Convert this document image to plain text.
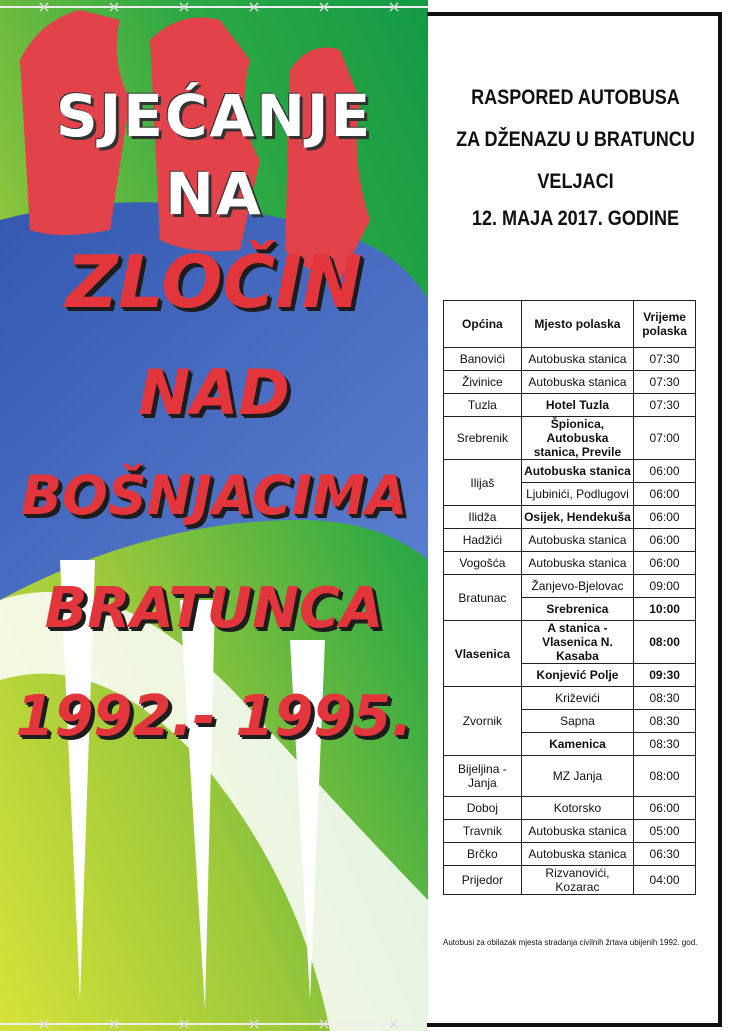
SJEĆANJE
NA
ZLOČIN
NAD
BOŠNJACIMA
BRATUNCA
1992.- 1995.
RASPORED AUTOBUSA
ZA DŽENAZU U BRATUNCU
VELJACI
12. MAJA 2017. GODINE
Općina	Mjesto polaska	Vrijeme polaska
Banovići	Autobuska stanica	07:30
Živinice	Autobuska stanica	07:30
Tuzla	Hotel Tuzla	07:30
Srebrenik	Špionica, Autobuska stanica, Previle	07:00
Ilijaš	Autobuska stanica	06:00
	Ljubinići, Podlugovi	06:00
Ilidža	Osijek, Hendekuša	06:00
Hadžići	Autobuska stanica	06:00
Vogošća	Autobuska stanica	06:00
Bratunac	Žanjevo-Bjelovac	09:00
	Srebrenica	10:00
Vlasenica	A stanica - Vlasenica N. Kasaba	08:00
	Konjević Polje	09:30
Zvornik	Križevići	08:30
	Sapna	08:30
	Kamenica	08:30
Bijeljina - Janja	MZ Janja	08:00
Doboj	Kotorsko	06:00
Travnik	Autobuska stanica	05:00
Brčko	Autobuska stanica	06:30
Prijedor	Rizvanovići, Kozarac	04:00
Autobusi za obilazak mjesta stradanja civilnih žrtava ubijenih 1992. god.
